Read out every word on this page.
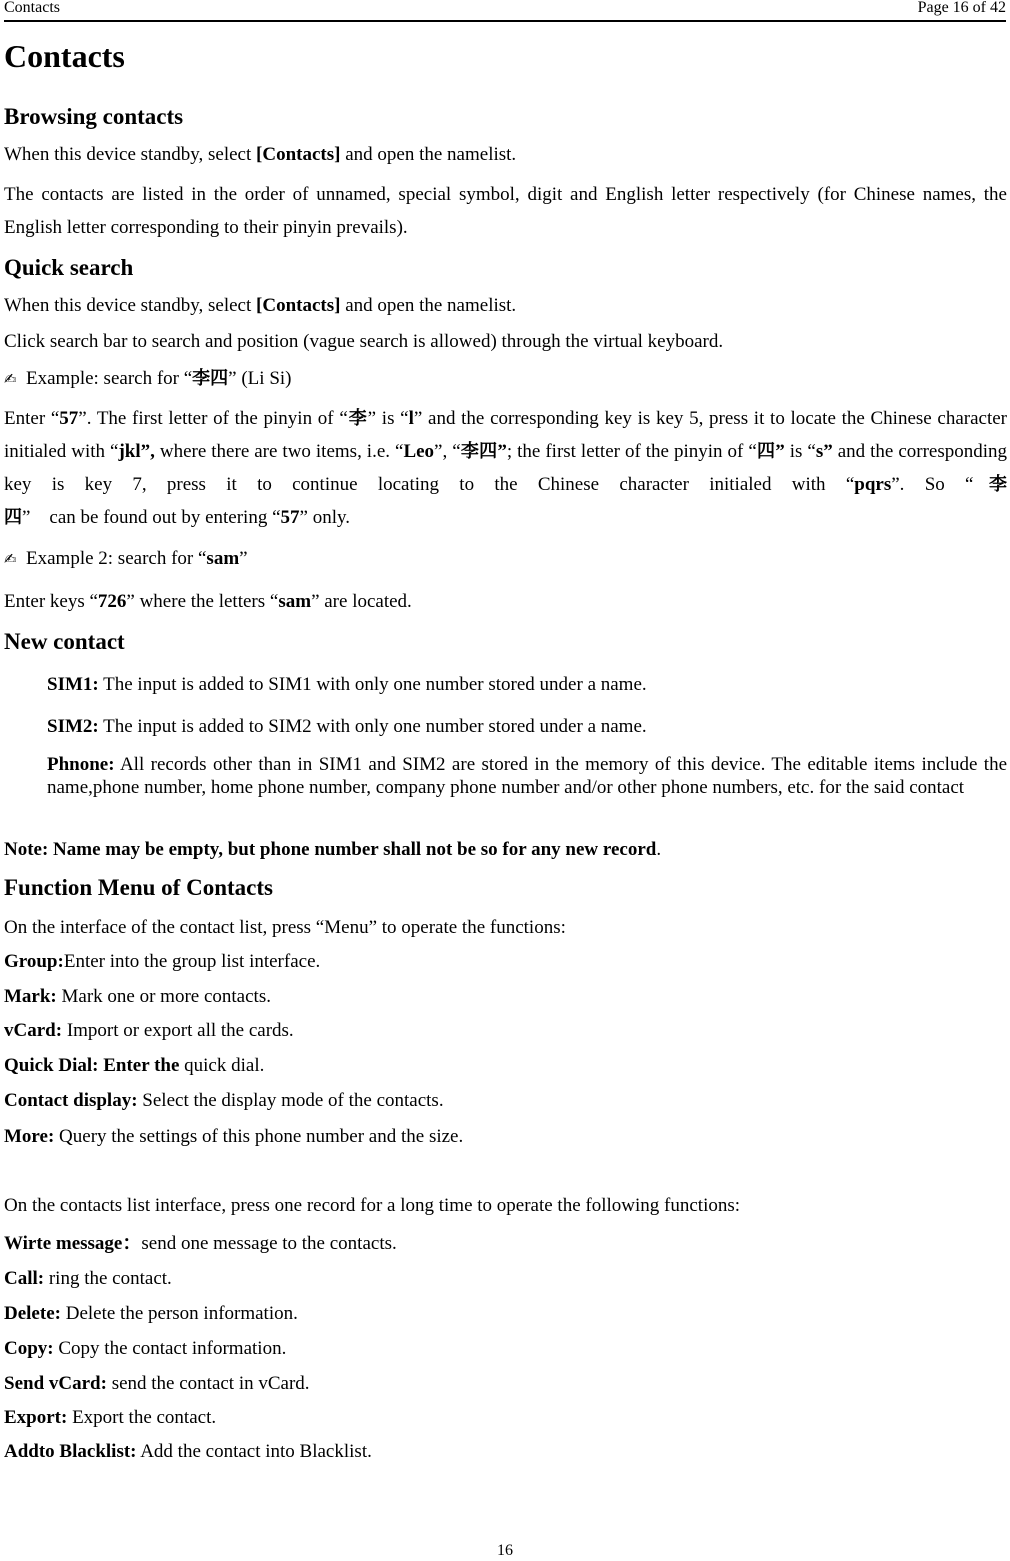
Contacts	Page 16 of 42
Contacts
Browsing contacts
When this device standby, select [Contacts] and open the namelist.
The contacts are listed in the order of unnamed, special symbol, digit and English letter respectively (for Chinese names, the English letter corresponding to their pinyin prevails).
Quick search
When this device standby, select [Contacts] and open the namelist.
Click search bar to search and position (vague search is allowed) through the virtual keyboard.
✍ Example: search for “李四” (Li Si)
Enter “57”. The first letter of the pinyin of “李” is “l” and the corresponding key is key 5, press it to locate the Chinese character initialed with “jkl”, where there are two items, i.e. “Leo”, “李四”; the first letter of the pinyin of “四” is “s” and the corresponding key is key 7, press it to continue locating to the Chinese character initialed with “pqrs”. So “李四”    can be found out by entering “57” only.
✍ Example 2: search for “sam”
Enter keys “726” where the letters “sam” are located.
New contact
SIM1: The input is added to SIM1 with only one number stored under a name.
SIM2: The input is added to SIM2 with only one number stored under a name.
Phnone: All records other than in SIM1 and SIM2 are stored in the memory of this device. The editable items include the name,phone number, home phone number, company phone number and/or other phone numbers, etc. for the said contact
Note: Name may be empty, but phone number shall not be so for any new record.
Function Menu of Contacts
On the interface of the contact list, press “Menu” to operate the functions:
Group:Enter into the group list interface.
Mark: Mark one or more contacts.
vCard: Import or export all the cards.
Quick Dial: Enter the quick dial.
Contact display: Select the display mode of the contacts.
More: Query the settings of this phone number and the size.
On the contacts list interface, press one record for a long time to operate the following functions:
Wirte message：send one message to the contacts.
Call: ring the contact.
Delete: Delete the person information.
Copy: Copy the contact information.
Send vCard: send the contact in vCard.
Export: Export the contact.
Addto Blacklist: Add the contact into Blacklist.
16
